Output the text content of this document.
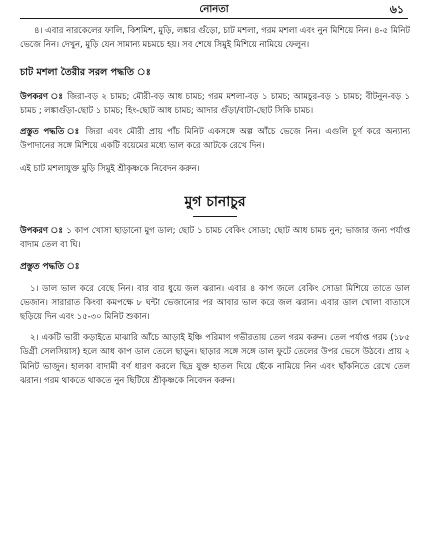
নোনতা	৬১

৪। এবার নারকেলের ফালি, কিশমিশ, মুড়ি, লঙ্কার গুঁড়ো, চাট মশলা, গরম মশলা এবং নুন মিশিয়ে নিন। ৪-৫ মিনিট ভেজে নিন। দেখুন, মুড়ি যেন সামান্য মচমচে হয়। সব শেষে সিমুই মিশিয়ে নামিয়ে ফেলুন।

চাট মশলা তৈরীর সরল পদ্ধতি ঃ

উপকরণ ঃ জিরা-বড় ২ চামচ; মৌরী-বড় আধ চামচ; গরম মশলা-বড় ১ চামচ; আমচুর-বড় ১ চামচ; বীটনুন-বড় ১ চামচ ; লঙ্কাগুঁড়া-ছোট ১ চামচ; হিং-ছোট আধ চামচ; আদার গুঁড়া/বাটা-ছোট সিকি চামচ।

প্রস্তুত পদ্ধতি ঃ জিরা এবং মৌরী প্রায় পাঁচ মিনিট একসঙ্গে অল্প আঁচে ভেজে নিন। এগুলি চূর্ণ করে অন্যান্য উপাদানের সঙ্গে মিশিয়ে একটি বয়েমের মধ্যে ভাল করে আটকে রেখে দিন।

এই চাট মশলাযুক্ত মুড়ি সিমুই শ্রীকৃষ্ণকে নিবেদন করুন।

মুগ চানাচুর

উপকরণ ঃ ১ কাপ খোসা ছাড়ানো মুগ ডাল; ছোট ১ চামচ বেকিং সোডা; ছোট আধ চামচ নুন; ভাজার জন্য পর্যাপ্ত বাদাম তেল বা ঘি।

প্রস্তুত পদ্ধতি ঃ

১। ডাল ভাল করে বেছে নিন। বার বার ধুয়ে জল ঝরান। এবার ৪ কাপ জলে বেকিং সোডা মিশিয়ে তাতে ডাল ভেজান। সারারাত কিংবা কমপক্ষে ৮ ঘন্টা ভেজানোর পর আবার ভাল করে জল ঝরান। এবার ডাল খোলা বাতাসে ছড়িয়ে দিন এবং ১৫-৩০ মিনিট শুকান।

২। একটি ভারী কড়াইতে মাঝারি আঁচে আড়াই ইঞ্চি পরিমাণ গভীরতায় তেল গরম করুন। তেল পর্যাপ্ত গরম (১৮৫ ডিগ্রী সেলসিয়াস) হলে আধ কাপ ডাল তেলে ছাড়ুন। ছাড়ার সঙ্গে সঙ্গে ডাল ফুটে তেলের উপর ভেসে উঠবে। প্রায় ২ মিনিট ভাজুন। হালকা বাদামী বর্ণ ধারণ করলে ছিদ্র যুক্ত হাতল দিয়ে ছেঁকে নামিয়ে নিন এবং ছাঁকনিতে রেখে তেল ঝরান। গরম থাকতে থাকতে নুন ছিটিয়ে শ্রীকৃষ্ণকে নিবেদন করুন।
